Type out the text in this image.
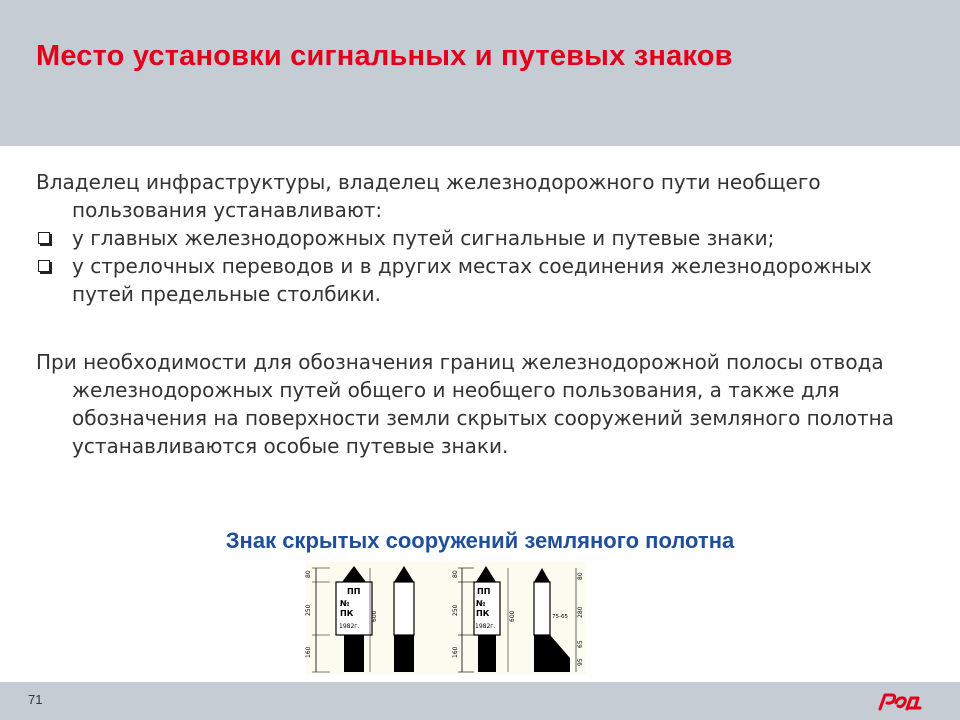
Место установки сигнальных и путевых знаков

Владелец инфраструктуры, владелец железнодорожного пути необщего пользования устанавливают:

у главных железнодорожных путей сигнальные и путевые знаки;
у стрелочных переводов и в других местах соединения железнодорожных путей предельные столбики.

При необходимости для обозначения границ железнодорожной полосы отвода железнодорожных путей общего и необщего пользования, а также для обозначения на поверхности земли скрытых сооружений земляного полотна устанавливаются особые путевые знаки.

Знак скрытых сооружений земляного полотна

80
250
160
ПП
№
ПК
1982г.
600
80
250
160
ПП
№
ПК
1982г.
600	75-65 280
80
65
95
71
